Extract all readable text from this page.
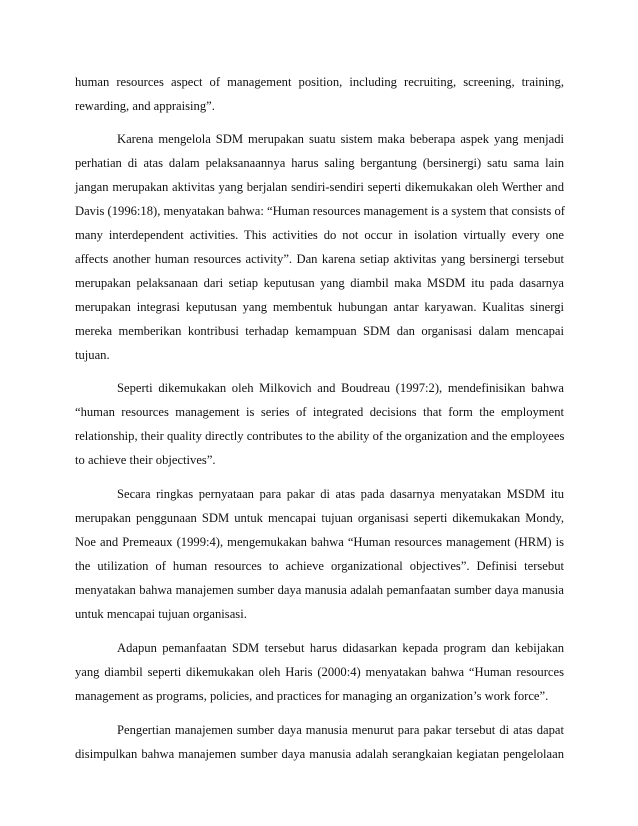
human resources aspect of management position, including recruiting, screening, training,
rewarding, and appraising”.
Karena mengelola SDM merupakan suatu sistem maka beberapa aspek yang menjadi
perhatian di atas dalam pelaksanaannya harus saling bergantung (bersinergi) satu sama lain
jangan merupakan aktivitas yang berjalan sendiri-sendiri seperti dikemukakan oleh Werther and
Davis (1996:18), menyatakan bahwa: “Human resources management is a system that consists of
many interdependent activities. This activities do not occur in isolation virtually every one
affects another human resources activity”. Dan karena setiap aktivitas yang bersinergi tersebut
merupakan pelaksanaan dari setiap keputusan yang diambil maka MSDM itu pada dasarnya
merupakan integrasi keputusan yang membentuk hubungan antar karyawan. Kualitas sinergi
mereka memberikan kontribusi terhadap kemampuan SDM dan organisasi dalam mencapai
tujuan.
Seperti dikemukakan oleh Milkovich and Boudreau (1997:2), mendefinisikan bahwa
“human resources management is series of integrated decisions that form the employment
relationship, their quality directly contributes to the ability of the organization and the employees
to achieve their objectives”.
Secara ringkas pernyataan para pakar di atas pada dasarnya menyatakan MSDM itu
merupakan penggunaan SDM untuk mencapai tujuan organisasi seperti dikemukakan Mondy,
Noe and Premeaux (1999:4), mengemukakan bahwa “Human resources management (HRM) is
the utilization of human resources to achieve organizational objectives”. Definisi tersebut
menyatakan bahwa manajemen sumber daya manusia adalah pemanfaatan sumber daya manusia
untuk mencapai tujuan organisasi.
Adapun pemanfaatan SDM tersebut harus didasarkan kepada program dan kebijakan
yang diambil seperti dikemukakan oleh Haris (2000:4) menyatakan bahwa “Human resources
management as programs, policies, and practices for managing an organization’s work force”.
Pengertian manajemen sumber daya manusia menurut para pakar tersebut di atas dapat
disimpulkan bahwa manajemen sumber daya manusia adalah serangkaian kegiatan pengelolaan
